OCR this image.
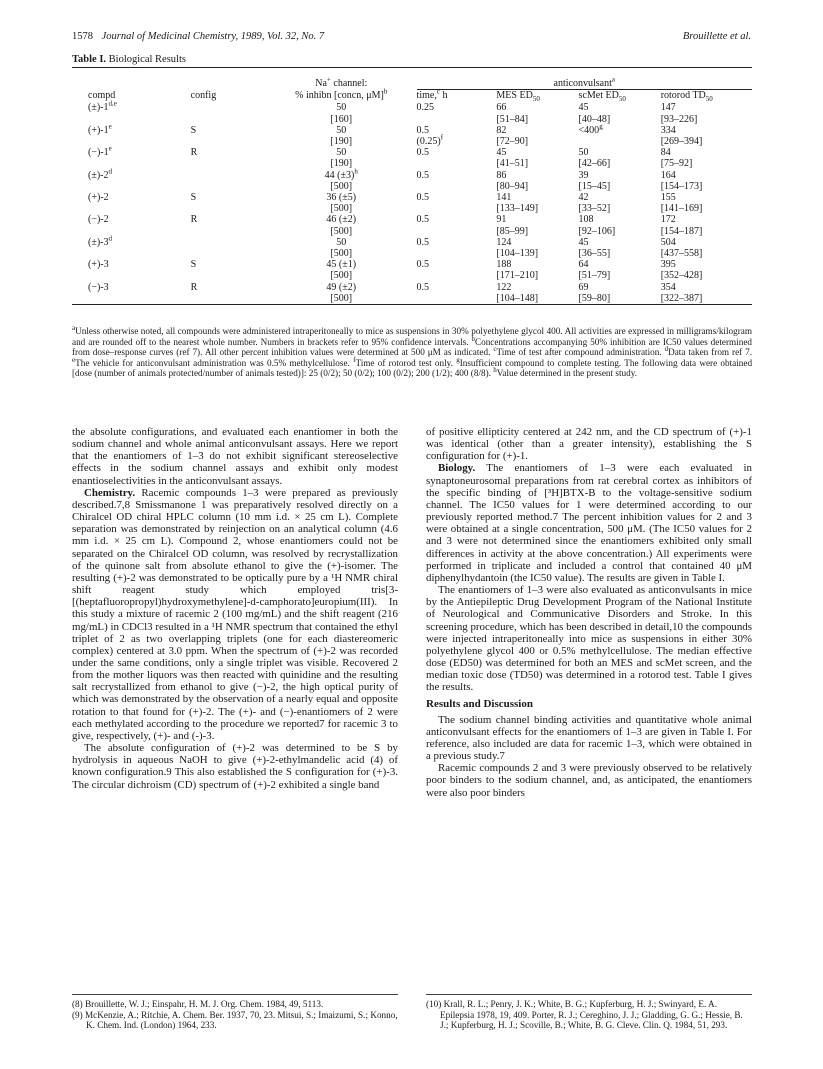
1578 Journal of Medicinal Chemistry, 1989, Vol. 32, No. 7	Brouillette et al.
Table I. Biological Results
		Na+ channel:	anticonvulsant$^a$
compd	config	% inhibn [concn, μM]$^b$	time,$^c$ h	MES $ED_{50}$	scMet $ED_{50}$	rotorod $TD_{50}$
$(\pm)-1^{d,e}$		50	0.25	66	45	147
		[160]		[51–84]	[40–48]	[93–226]
$(+)-1^e$	S	50	0.5	82	$<400^g$	334
		[190]	$(0.25)^f$	[72–90]		[269–394]
$(-)-1^e$	R	50	0.5	45	50	84
		[190]		[41–51]	[42–66]	[75–92]
$(\pm)-2^d$		44 $(\pm 3)^h$	0.5	86	39	164
		[500]		[80–94]	[15–45]	[154–173]
(+)-2	S	36 (±5)	0.5	141	42	155
		[500]		[133–149]	[33–52]	[141–169]
(−)-2	R	46 (±2)	0.5	91	108	172
		[500]		[85–99]	[92–106]	[154–187]
$(\pm)-3^d$		50	0.5	124	45	504
		[500]		[104–139]	[36–55]	[437–558]
(+)-3	S	45 (±1)	0.5	188	64	395
		[500]		[171–210]	[51–79]	[352–428]
(−)-3	R	49 (±2)	0.5	122	69	354
		[500]		[104–148]	[59–80]	[322–387]

$^a$Unless otherwise noted, all compounds were administered intraperitoneally to mice as suspensions in 30% polyethylene glycol 400. All activities are expressed in milligrams/kilogram and are rounded off to the nearest whole number. Numbers in brackets refer to 95% confidence intervals. $^b$Concentrations accompanying 50% inhibition are IC50 values determined from dose–response curves (ref 7). All other percent inhibition values were determined at 500 μM as indicated. $^c$Time of test after compound administration. $^d$Data taken from ref 7. $^e$The vehicle for anticonvulsant administration was 0.5% methylcellulose. $^f$Time of rotorod test only. $^g$Insufficient compound to complete testing. The following data were obtained [dose (number of animals protected/number of animals tested)]: 25 (0/2); 50 (0/2); 100 (0/2); 200 (1/2); 400 (8/8). $^h$Value determined in the present study.

the absolute configurations, and evaluated each enantiomer in both the sodium channel and whole animal anticonvulsant assays. Here we report that the enantiomers of 1–3 do not exhibit significant stereoselective effects in the sodium channel assays and exhibit only modest enantioselectivities in the anticonvulsant assays.

Chemistry. Racemic compounds 1–3 were prepared as previously described.7,8 Smissmanone 1 was preparatively resolved directly on a Chiralcel OD chiral HPLC column (10 mm i.d. × 25 cm L). Complete separation was demonstrated by reinjection on an analytical column (4.6 mm i.d. × 25 cm L). Compound 2, whose enantiomers could not be separated on the Chiralcel OD column, was resolved by recrystallization of the quinone salt from absolute ethanol to give the (+)-isomer. The resulting (+)-2 was demonstrated to be optically pure by a ¹H NMR chiral shift reagent study which employed tris[3-[(heptafluoropropyl)hydroxymethylene]-d-camphorato]europium(III). In this study a mixture of racemic 2 (100 mg/mL) and the shift reagent (216 mg/mL) in CDCl3 resulted in a ¹H NMR spectrum that contained the ethyl triplet of 2 as two overlapping triplets (one for each diastereomeric complex) centered at 3.0 ppm. When the spectrum of (+)-2 was recorded under the same conditions, only a single triplet was visible. Recovered 2 from the mother liquors was then reacted with quinidine and the resulting salt recrystallized from ethanol to give (−)-2, the high optical purity of which was demonstrated by the observation of a nearly equal and opposite rotation to that found for (+)-2. The (+)- and (−)-enantiomers of 2 were each methylated according to the procedure we reported7 for racemic 3 to give, respectively, (+)- and (-)-3.

The absolute configuration of (+)-2 was determined to be S by hydrolysis in aqueous NaOH to give (+)-2-ethylmandelic acid (4) of known configuration.9 This also established the S configuration for (+)-3. The circular dichroism (CD) spectrum of (+)-2 exhibited a single band

of positive ellipticity centered at 242 nm, and the CD spectrum of (+)-1 was identical (other than a greater intensity), establishing the S configuration for (+)-1.

Biology. The enantiomers of 1–3 were each evaluated in synaptoneurosomal preparations from rat cerebral cortex as inhibitors of the specific binding of [³H]BTX-B to the voltage-sensitive sodium channel. The IC50 values for 1 were determined according to our previously reported method.7 The percent inhibition values for 2 and 3 were obtained at a single concentration, 500 μM. (The IC50 values for 2 and 3 were not determined since the enantiomers exhibited only small differences in activity at the above concentration.) All experiments were performed in triplicate and included a control that contained 40 μM diphenylhydantoin (the IC50 value). The results are given in Table I.

The enantiomers of 1–3 were also evaluated as anticonvulsants in mice by the Antiepileptic Drug Development Program of the National Institute of Neurological and Communicative Disorders and Stroke. In this screening procedure, which has been described in detail,10 the compounds were injected intraperitoneally into mice as suspensions in either 30% polyethylene glycol 400 or 0.5% methylcellulose. The median effective dose (ED50) was determined for both an MES and scMet screen, and the median toxic dose (TD50) was determined in a rotorod test. Table I gives the results.

Results and Discussion

The sodium channel binding activities and quantitative whole animal anticonvulsant effects for the enantiomers of 1–3 are given in Table I. For reference, also included are data for racemic 1–3, which were obtained in a previous study.7

Racemic compounds 2 and 3 were previously observed to be relatively poor binders to the sodium channel, and, as anticipated, the enantiomers were also poor binders

(8) Brouillette, W. J.; Einspahr, H. M. J. Org. Chem. 1984, 49, 5113.

(9) McKenzie, A.; Ritchie, A. Chem. Ber. 1937, 70, 23. Mitsui, S.; Imaizumi, S.; Konno, K. Chem. Ind. (London) 1964, 233.

(10) Krall, R. L.; Penry, J. K.; White, B. G.; Kupferburg, H. J.; Swinyard, E. A. Epilepsia 1978, 19, 409. Porter, R. J.; Cereghino, J. J.; Gladding, G. G.; Hessie, B. J.; Kupferburg, H. J.; Scoville, B.; White, B. G. Cleve. Clin. Q. 1984, 51, 293.
